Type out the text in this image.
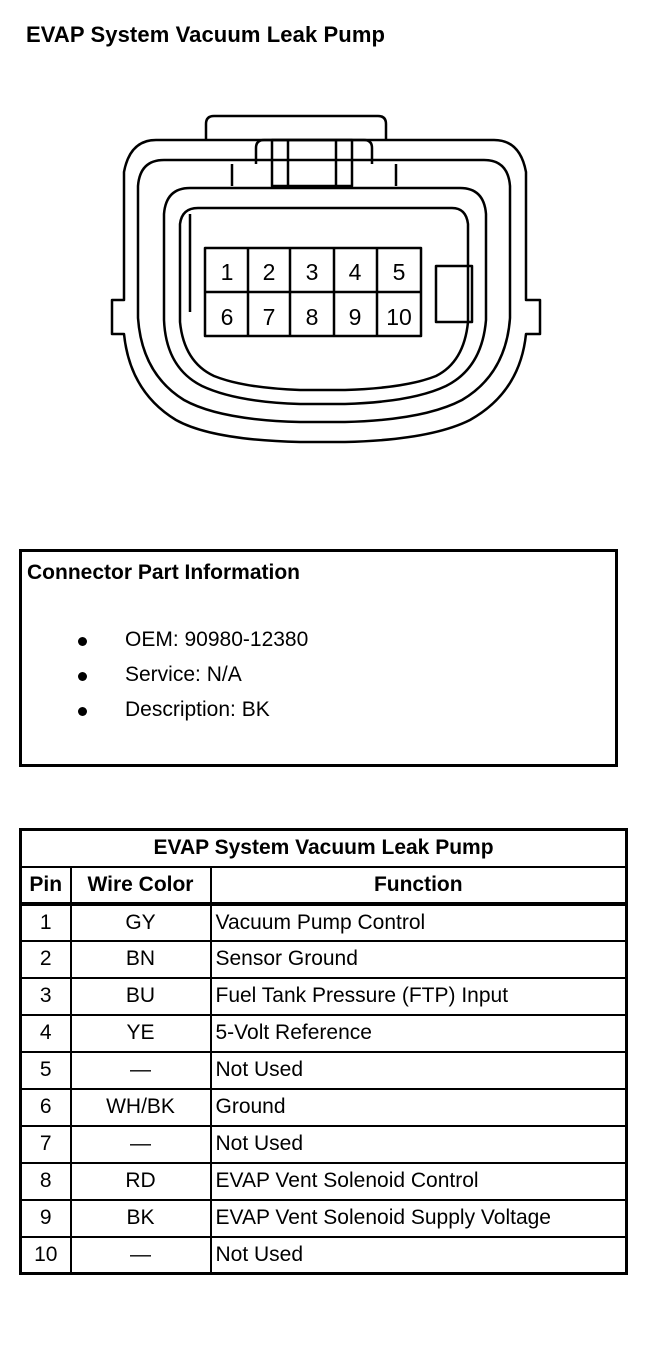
EVAP System Vacuum Leak Pump
1 2 3 4 5
6 7 8 9 10
Connector Part Information
OEM: 90980-12380
Service: N/A
Description: BK
EVAP System Vacuum Leak Pump		
Pin	Wire Color	Function
1	GY	Vacuum Pump Control
2	BN	Sensor Ground
3	BU	Fuel Tank Pressure (FTP) Input
4	YE	5-Volt Reference
5	—	Not Used
6	WH/BK	Ground
7	—	Not Used
8	RD	EVAP Vent Solenoid Control
9	BK	EVAP Vent Solenoid Supply Voltage
10	—	Not Used
